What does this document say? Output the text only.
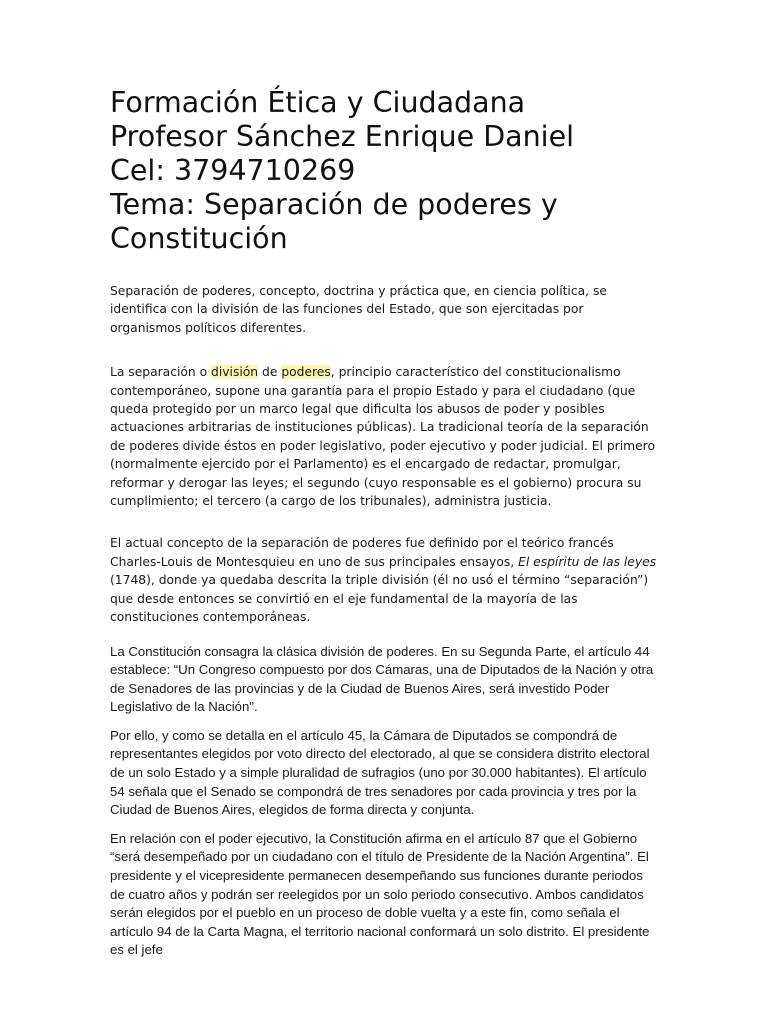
Formación Ética y Ciudadana
Profesor Sánchez Enrique Daniel
Cel: 3794710269
Tema: Separación de poderes y
Constitución

Separación de poderes, concepto, doctrina y práctica que, en ciencia política, se identifica con la división de las funciones del Estado, que son ejercitadas por organismos políticos diferentes.

La separación o división de poderes, principio característico del constitucionalismo contemporáneo, supone una garantía para el propio Estado y para el ciudadano (que queda protegido por un marco legal que dificulta los abusos de poder y posibles actuaciones arbitrarias de instituciones públicas). La tradicional teoría de la separación de poderes divide éstos en poder legislativo, poder ejecutivo y poder judicial. El primero (normalmente ejercido por el Parlamento) es el encargado de redactar, promulgar, reformar y derogar las leyes; el segundo (cuyo responsable es el gobierno) procura su cumplimiento; el tercero (a cargo de los tribunales), administra justicia.

El actual concepto de la separación de poderes fue definido por el teórico francés Charles-Louis de Montesquieu en uno de sus principales ensayos, El espíritu de las leyes (1748), donde ya quedaba descrita la triple división (él no usó el término “separación”) que desde entonces se convirtió en el eje fundamental de la mayoría de las constituciones contemporáneas.

La Constitución consagra la clásica división de poderes. En su Segunda Parte, el artículo 44 establece: “Un Congreso compuesto por dos Cámaras, una de Diputados de la Nación y otra de Senadores de las provincias y de la Ciudad de Buenos Aires, será investido Poder Legislativo de la Nación".

Por ello, y como se detalla en el artículo 45, la Cámara de Diputados se compondrá de representantes elegidos por voto directo del electorado, al que se considera distrito electoral de un solo Estado y a simple pluralidad de sufragios (uno por 30.000 habitantes). El artículo 54 señala que el Senado se compondrá de tres senadores por cada provincia y tres por la Ciudad de Buenos Aires, elegidos de forma directa y conjunta.

En relación con el poder ejecutivo, la Constitución afirma en el artículo 87 que el Gobierno “será desempeñado por un ciudadano con el título de Presidente de la Nación Argentina”. El presidente y el vicepresidente permanecen desempeñando sus funciones durante periodos de cuatro años y podrán ser reelegidos por un solo periodo consecutivo. Ambos candidatos serán elegidos por el pueblo en un proceso de doble vuelta y a este fin, como señala el artículo 94 de la Carta Magna, el territorio nacional conformará un solo distrito. El presidente es el jefe
